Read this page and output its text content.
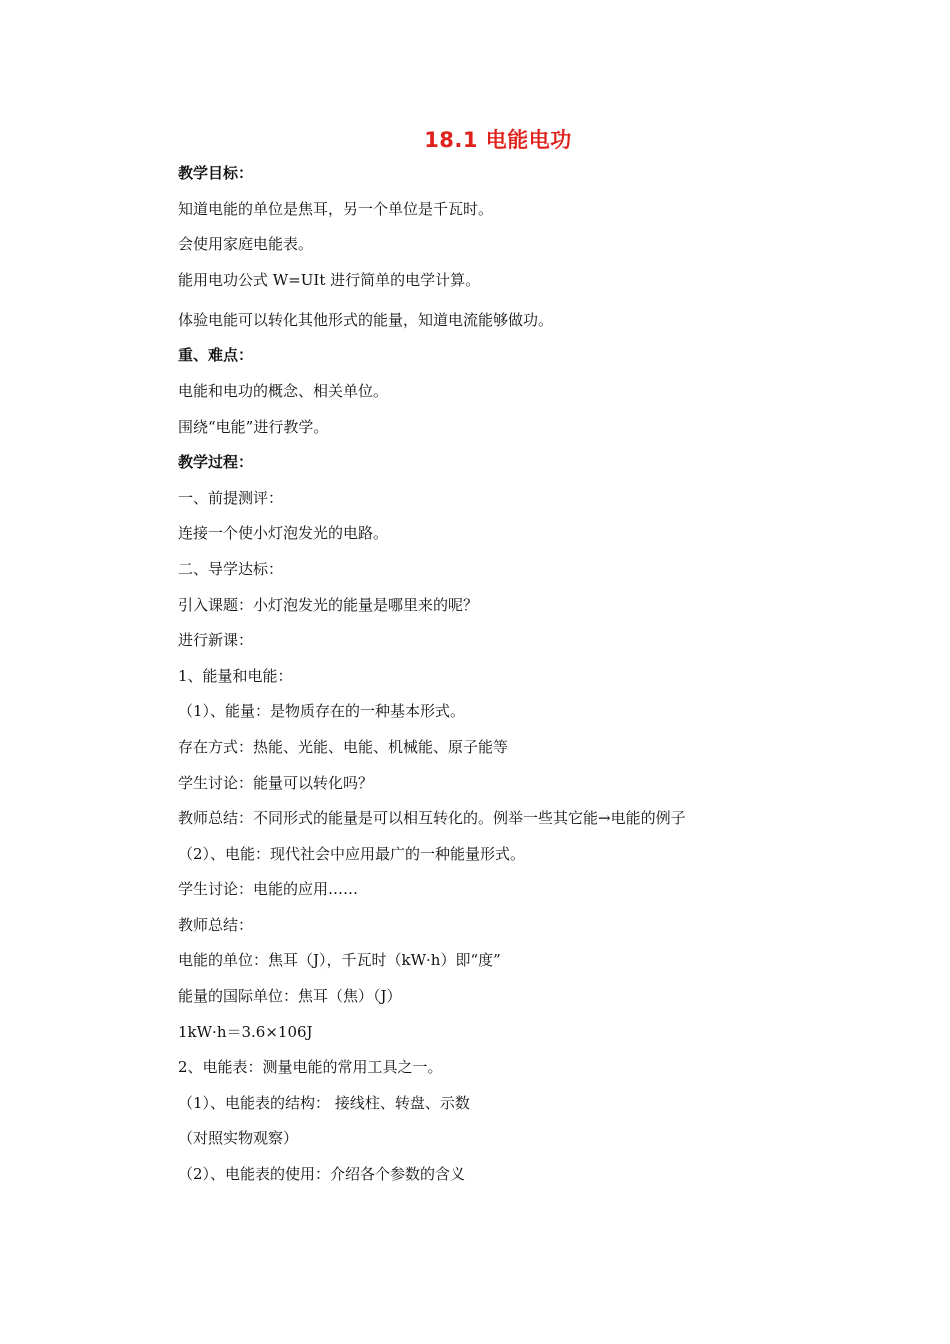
18.1 电能电功
教学目标：
知道电能的单位是焦耳，另一个单位是千瓦时。
会使用家庭电能表。
能用电功公式 W=UIt 进行简单的电学计算。
体验电能可以转化其他形式的能量，知道电流能够做功。
重、难点：
电能和电功的概念、相关单位。
围绕“电能”进行教学。
教学过程：
一、前提测评：
连接一个使小灯泡发光的电路。
二、导学达标：
引入课题：小灯泡发光的能量是哪里来的呢？
进行新课：
1、能量和电能：
（1）、能量：是物质存在的一种基本形式。
存在方式：热能、光能、电能、机械能、原子能等
学生讨论：能量可以转化吗？
教师总结：不同形式的能量是可以相互转化的。例举一些其它能→电能的例子
（2）、电能：现代社会中应用最广的一种能量形式。
学生讨论：电能的应用……
教师总结：
电能的单位：焦耳（J），千瓦时（kW·h）即“度”
能量的国际单位：焦耳（焦）（J）
1kW·h＝3.6×106J
2、电能表：测量电能的常用工具之一。
（1）、电能表的结构： 接线柱、转盘、示数
（对照实物观察）
（2）、电能表的使用：介绍各个参数的含义
